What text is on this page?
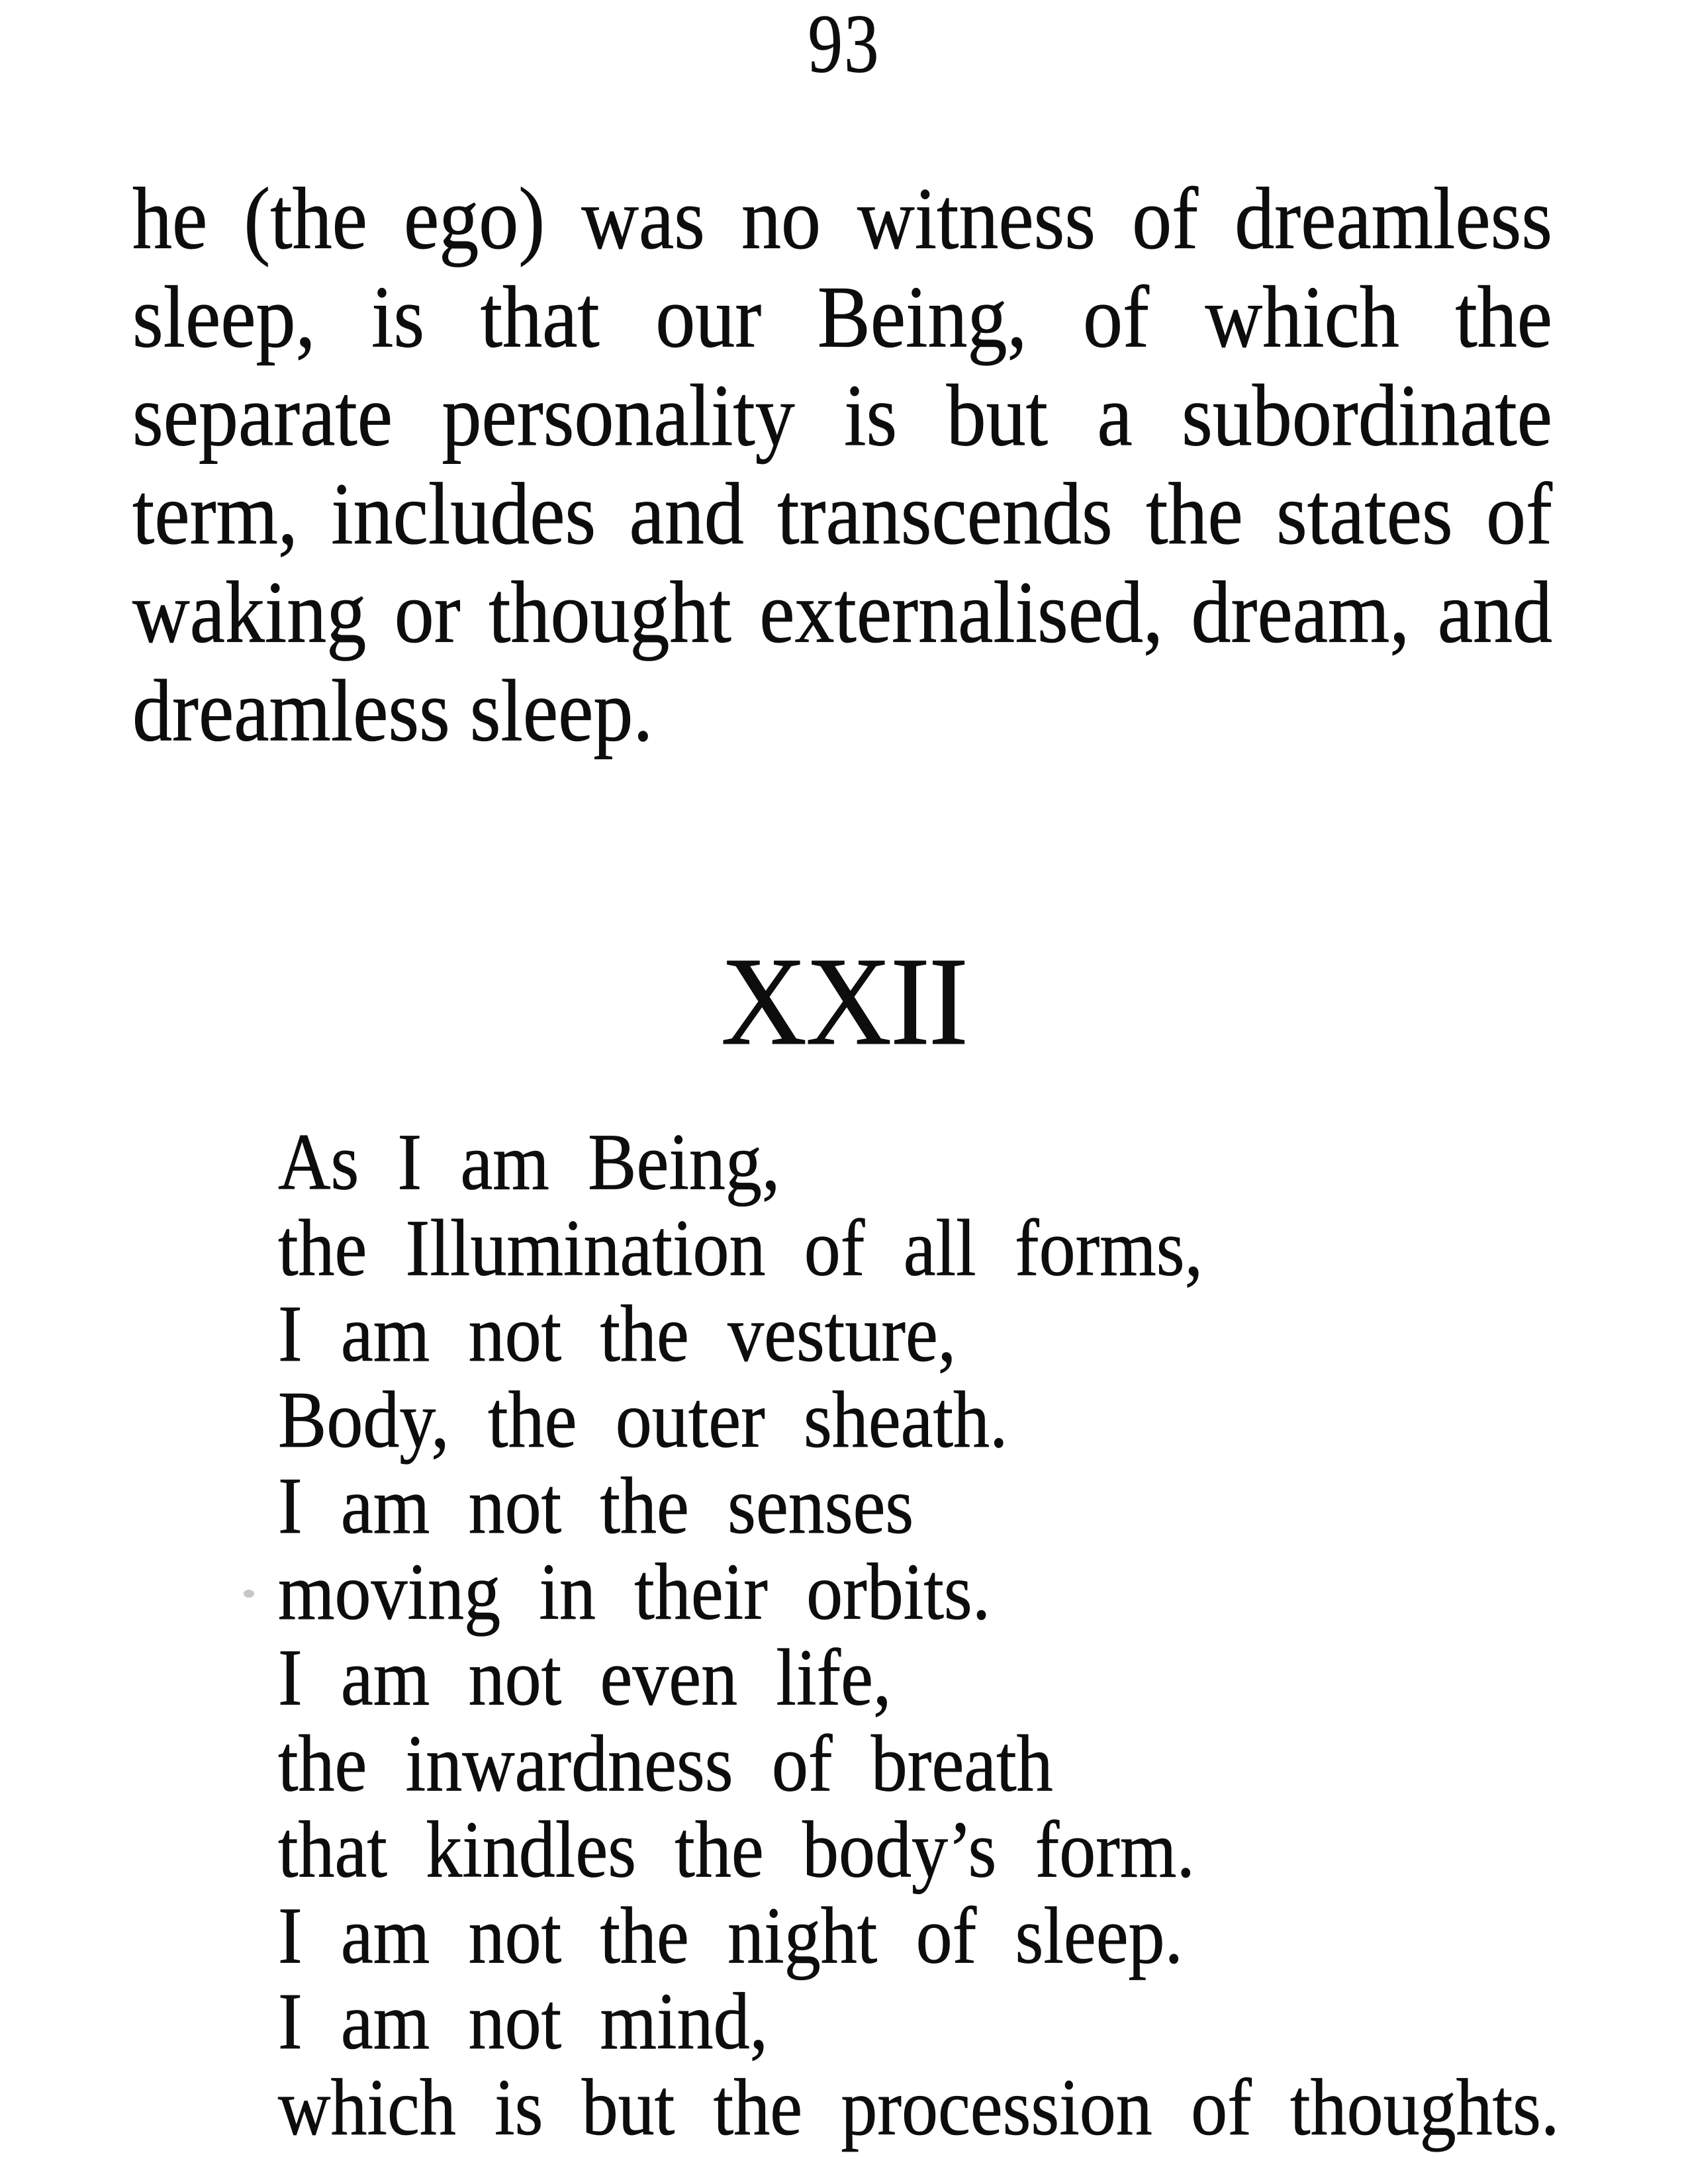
93
he (the ego) was no witness of dreamless
sleep, is that our Being, of which the
separate personality is but a subordinate
term, includes and transcends the states of
waking or thought externalised, dream, and
dreamless sleep.
XXII
As I am Being,
the Illumination of all forms,
I am not the vesture,
Body, the outer sheath.
I am not the senses
moving in their orbits.
I am not even life,
the inwardness of breath
that kindles the body’s form.
I am not the night of sleep.
I am not mind,
which is but the procession of thoughts.
